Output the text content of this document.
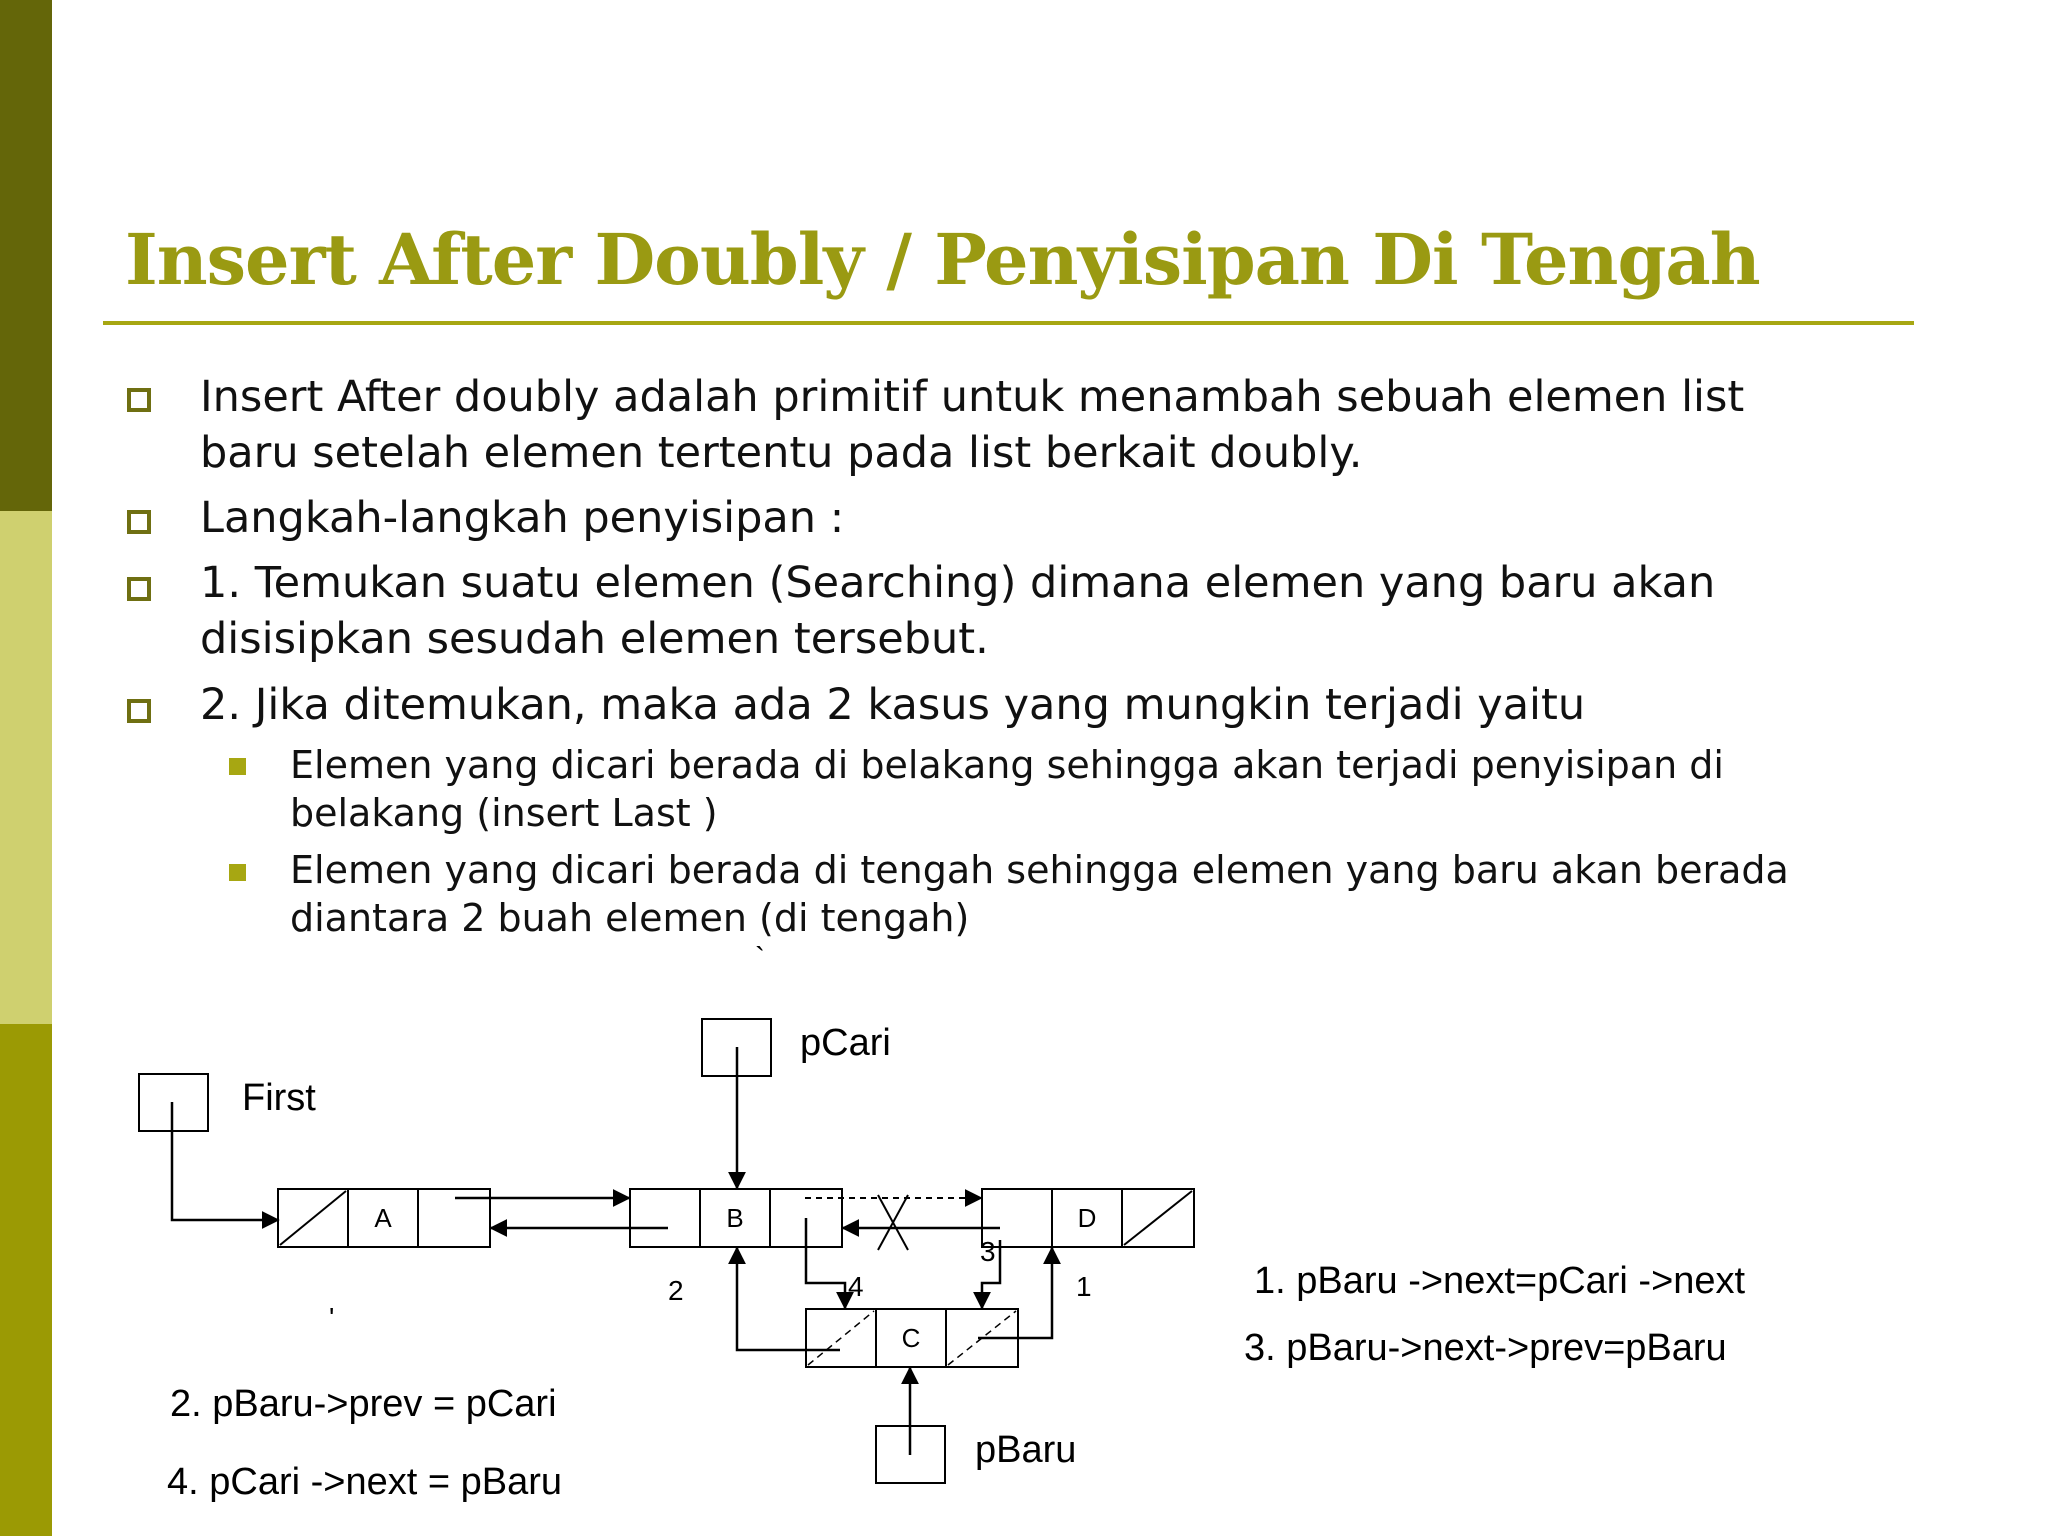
Insert After Doubly / Penyisipan Di Tengah
Insert After doubly adalah primitif untuk menambah sebuah elemen list
baru setelah elemen tertentu pada list berkait doubly.
Langkah-langkah penyisipan :
1. Temukan suatu elemen (Searching) dimana elemen yang baru akan
disisipkan sesudah elemen tersebut.
2. Jika ditemukan, maka ada 2 kasus yang mungkin terjadi yaitu
Elemen yang dicari berada di belakang sehingga akan terjadi penyisipan di
belakang (insert Last )
Elemen yang dicari berada di tengah sehingga elemen yang baru akan berada
diantara 2 buah elemen (di tengah)
`
'
First
pCari
A	B	D
C
2	4
3
1
pBaru
1. pBaru ->next=pCari ->next
3. pBaru->next->prev=pBaru
2. pBaru->prev = pCari
4. pCari ->next = pBaru
